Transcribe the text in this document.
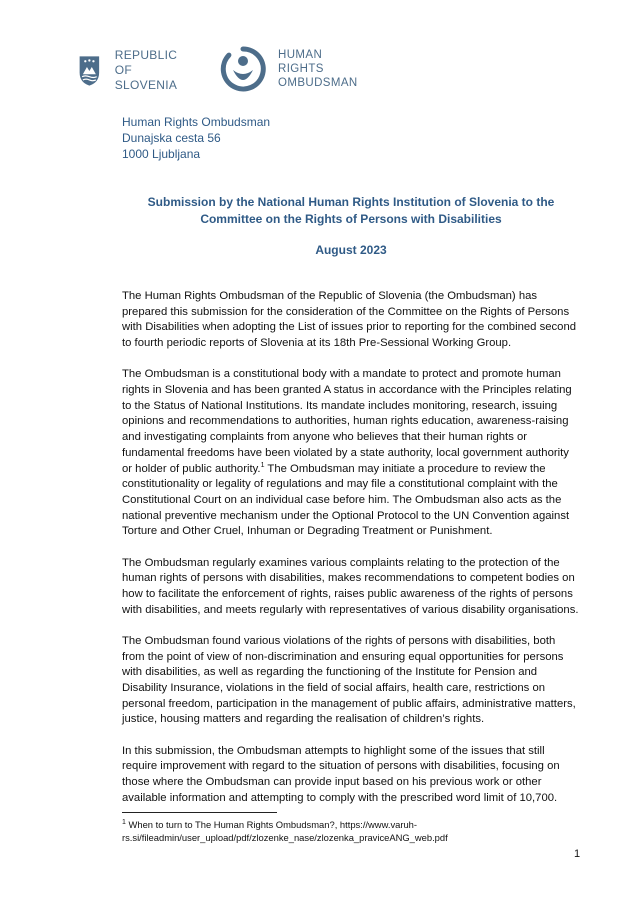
REPUBLIC OF
SLOVENIA
HUMAN
RIGHTS
OMBUDSMAN
Human Rights Ombudsman
Dunajska cesta 56
1000 Ljubljana
Submission by the National Human Rights Institution of Slovenia to the
Committee on the Rights of Persons with Disabilities
August 2023

The Human Rights Ombudsman of the Republic of Slovenia (the Ombudsman) has prepared this submission for the consideration of the Committee on the Rights of Persons with Disabilities when adopting the List of issues prior to reporting for the combined second to fourth periodic reports of Slovenia at its 18th Pre-Sessional Working Group.

The Ombudsman is a constitutional body with a mandate to protect and promote human rights in Slovenia and has been granted A status in accordance with the Principles relating to the Status of National Institutions. Its mandate includes monitoring, research, issuing opinions and recommendations to authorities, human rights education, awareness-raising and investigating complaints from anyone who believes that their human rights or fundamental freedoms have been violated by a state authority, local government authority or holder of public authority.$^1$ The Ombudsman may initiate a procedure to review the constitutionality or legality of regulations and may file a constitutional complaint with the Constitutional Court on an individual case before him. The Ombudsman also acts as the national preventive mechanism under the Optional Protocol to the UN Convention against Torture and Other Cruel, Inhuman or Degrading Treatment or Punishment.

The Ombudsman regularly examines various complaints relating to the protection of the human rights of persons with disabilities, makes recommendations to competent bodies on how to facilitate the enforcement of rights, raises public awareness of the rights of persons with disabilities, and meets regularly with representatives of various disability organisations.

The Ombudsman found various violations of the rights of persons with disabilities, both from the point of view of non-discrimination and ensuring equal opportunities for persons with disabilities, as well as regarding the functioning of the Institute for Pension and Disability Insurance, violations in the field of social affairs, health care, restrictions on personal freedom, participation in the management of public affairs, administrative matters, justice, housing matters and regarding the realisation of children’s rights.

In this submission, the Ombudsman attempts to highlight some of the issues that still require improvement with regard to the situation of persons with disabilities, focusing on those where the Ombudsman can provide input based on his previous work or other available information and attempting to comply with the prescribed word limit of 10,700.

$^1$ When to turn to The Human Rights Ombudsman?, https://www.varuh-rs.si/fileadmin/user_upload/pdf/zlozenke_nase/zlozenka_praviceANG_web.pdf
1
